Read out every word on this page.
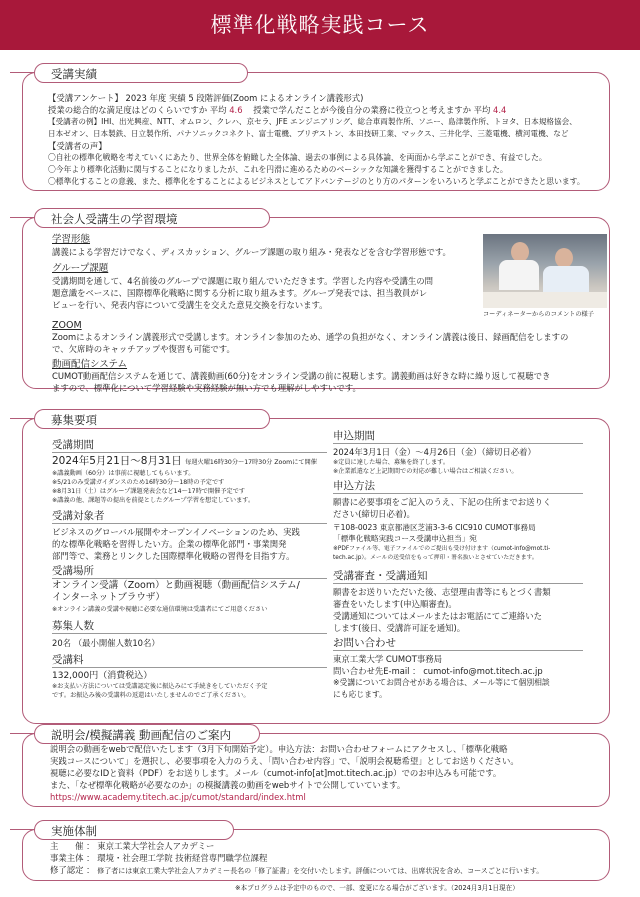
標準化戦略実践コース
受講実績
【受講アンケート】 2023 年度 実績 5 段階評価(Zoom によるオンライン講義形式)
授業の総合的な満足度はどのくらいですか 平均 4.6 授業で学んだことが今後自分の業務に役立つと考えますか 平均 4.4
【受講者の例】IHI、出光興産、NTT、オムロン、クレハ、京セラ、JFE エンジニアリング、総合車両製作所、ソニー、島津製作所、トヨタ、日本規格協会、
日本ゼオン、日本製鉄、日立製作所、パナソニックコネクト、富士電機、ブリヂストン、本田技研工業、マックス、三井化学、三菱電機、横河電機、など
【受講者の声】
〇自社の標準化戦略を考えていくにあたり、世界全体を俯瞰した全体論、過去の事例による具体論、を両面から学ぶことができ、有益でした。
〇今年より標準化活動に関与することになりましたが、これを円滑に進めるためのベーシックな知識を獲得することができました。
〇標準化することの意義、また、標準化をすることによるビジネスとしてアドバンテージのとり方のパターンをいろいろと学ぶことができたと思います。
社会人受講生の学習環境
学習形態
講義による学習だけでなく、ディスカッション、グループ課題の取り組み・発表などを含む学習形態です。
グループ課題
受講期間を通して、4名前後のグループで課題に取り組んでいただきます。学習した内容や受講生の問
題意識をベースに、国際標準化戦略に関する分析に取り組みます。グループ発表では、担当教員がレ
ビューを行い、発表内容について受講生を交えた意見交換を行ないます。
コーディネーターからのコメントの様子
ZOOM
Zoomによるオンライン講義形式で受講します。オンライン参加のため、通学の負担がなく、オンライン講義は後日、録画配信をしますの
で、欠席時のキャッチアップや復習も可能です。
動画配信システム
CUMOT動画配信システムを通じて、講義動画(60分)をオンライン受講の前に視聴します。講義動画は好きな時に繰り返して視聴でき
ますので、標準化について学習経験や実務経験が無い方でも理解がしやすいです。
募集要項
受講期間
2024年5月21日～8月31日 毎週火曜16時30分～17時30分 Zoomにて開催
※講義動画（60分）は事前に視聴してもらいます。
※5/21のみ受講ガイダンスのため16時30分～18時の予定です
※8月31日（土）はグループ課題発表会など14～17時で開催予定です
※講義の他、課題等の提出を前提としたグループ学習を想定しています。
受講対象者
ビジネスのグローバル展開やオープンイノベーションのため、実践
的な標準化戦略を習得したい方。企業の標準化部門・事業関発
部門等で、業務とリンクした国際標準化戦略の習得を目指す方。
受講場所
オンライン受講（Zoom）と動画視聴（動画配信システム/
インターネットブラウザ）
※オンライン講義の受講や視聴に必要な通信環境は受講者にてご用意ください
募集人数
20名 （最小開催人数10名）
受講料
132,000円（消費税込）
※お支払い方法については受講認定後に振込みにて手続きをしていただく予定
です。お振込み後の受講料の返還はいたしませんのでご了承ください。
申込期間
2024年3月1日（金）～4月26日（金）（締切日必着）
※定員に達した場合、募集を終了します。
※企業派遣など上記期間での対応が難しい場合はご相談ください。
申込方法
願書に必要事項をご記入のうえ、下記の住所までお送りく
ださい(締切日必着)。
〒108-0023 東京都港区芝浦3-3-6 CIC910 CUMOT事務局
「標準化戦略実践コース受講申込担当」宛
※PDFファイル等、電子ファイルでのご提出も受け付けます（cumot-info@mot.ti-
tech.ac.jp）。メールの送受信をもって押印・署名抜いとさせていただきます。
受講審査・受講通知
願書をお送りいただいた後、志望理由書等にもとづく書類
審査をいたします(申込順審査)。
受講通知についてはメールまたはお電話にてご連絡いた
します(後日、受講許可証を通知)。
お問い合わせ
東京工業大学 CUMOT事務局
問い合わせ先E-mail ： cumot-info@mot.titech.ac.jp
※受講についてお問合せがある場合は、メール等にて個別相談
にも応じます。
説明会/模擬講義 動画配信のご案内
説明会の動画をwebで配信いたします（3月下旬開始予定）。申込方法：お問い合わせフォームにアクセスし、「標準化戦略
実践コースについて」を選択し、必要事項を入力のうえ、「問い合わせ内容」で、「説明会視聴希望」としてお送りください。
視聴に必要なIDと資料（PDF）をお送りします。メール（cumot-info[at]mot.titech.ac.jp）でのお申込みも可能です。
また、「なぜ標準化戦略が必要なのか」の模擬講義の動画をwebサイトで公開していています。
https://www.academy.titech.ac.jp/cumot/standard/index.html
実施体制
主　　催 ： 東京工業大学社会人アカデミー
事業主体 ： 環境・社会理工学院 技術経営専門職学位課程
修了認定 ： 修了者には東京工業大学社会人アカデミー長名の「修了証書」を交付いたします。評価については、出席状況を含め、コースごとに行います。
※本プログラムは予定中のもので、一部、変更になる場合がございます。（2024月3月1日現在）
